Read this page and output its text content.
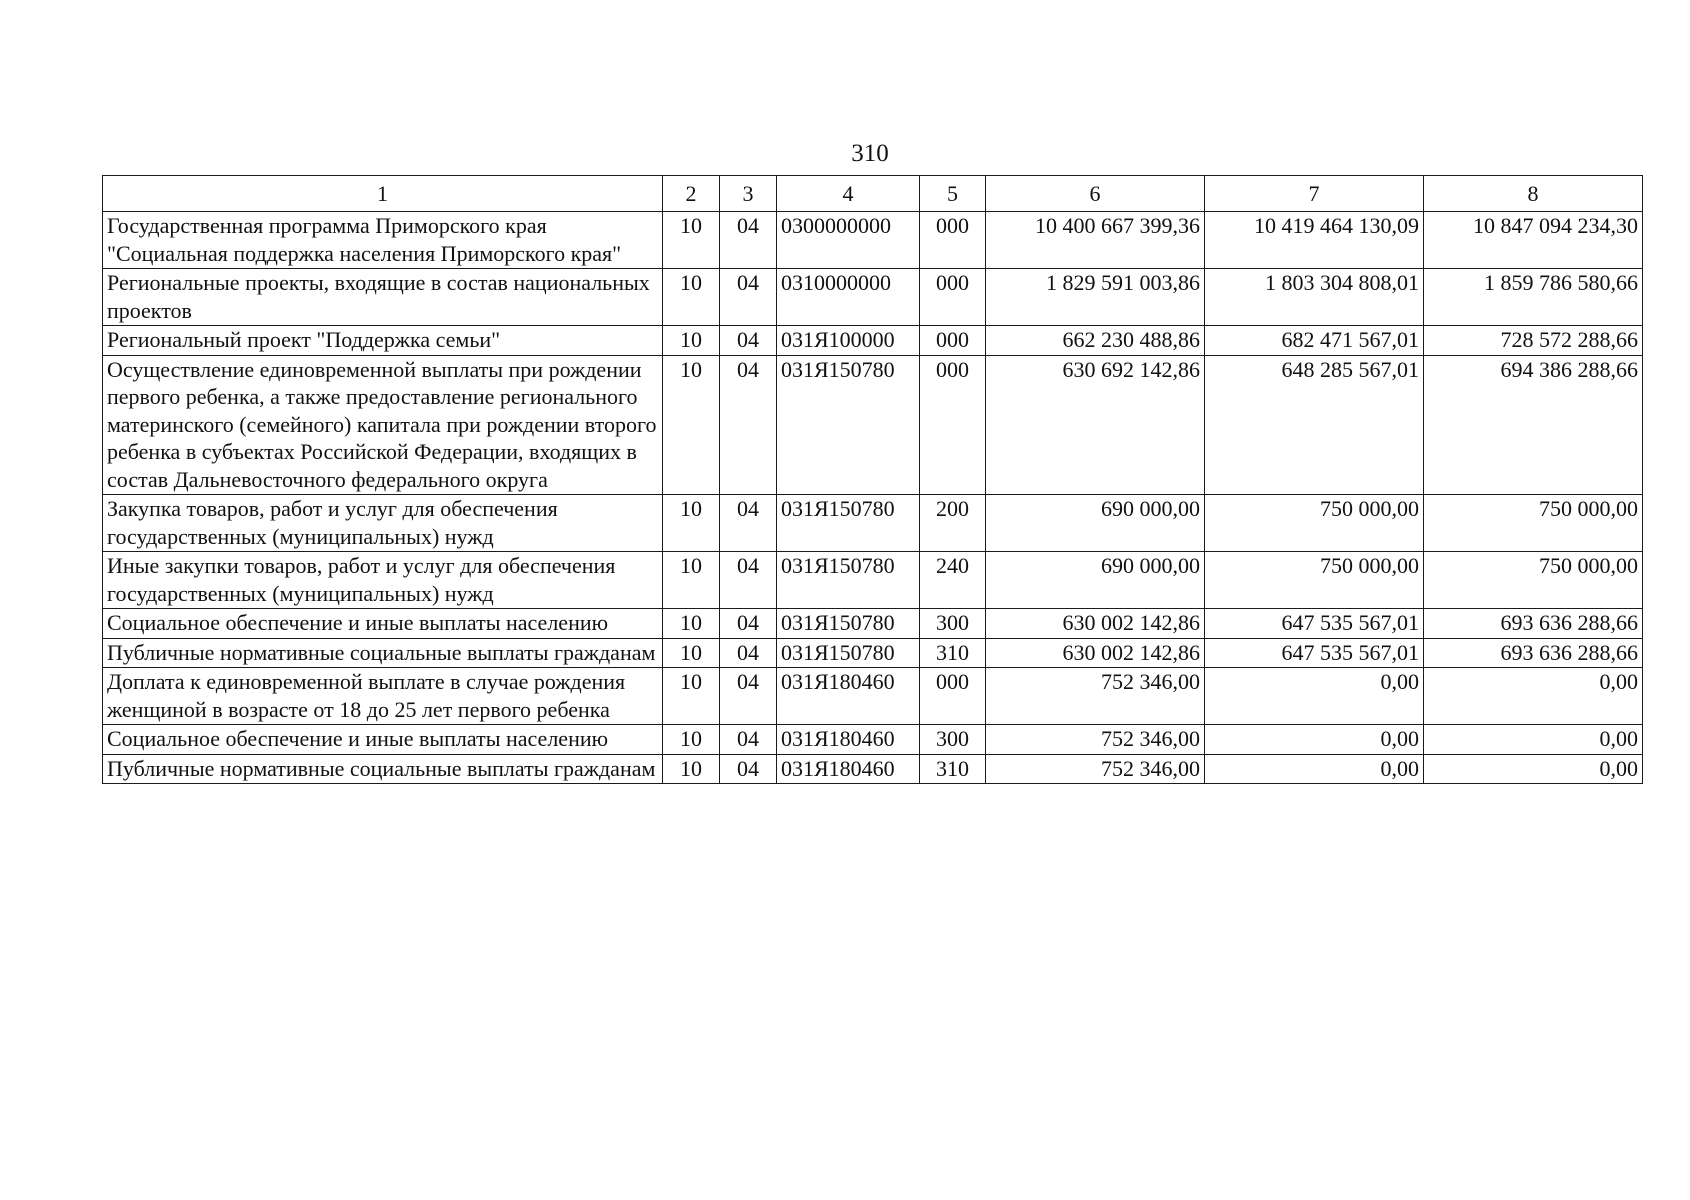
310
1	2	3	4	5	6	7	8
Государственная программа Приморского края "Социальная поддержка населения Приморского края"	10	04	0300000000	000	10 400 667 399,36	10 419 464 130,09	10 847 094 234,30
Региональные проекты, входящие в состав национальных проектов	10	04	0310000000	000	1 829 591 003,86	1 803 304 808,01	1 859 786 580,66
Региональный проект "Поддержка семьи"	10	04	031Я100000	000	662 230 488,86	682 471 567,01	728 572 288,66
Осуществление единовременной выплаты при рождении первого ребенка, а также предоставление регионального материнского (семейного) капитала при рождении второго ребенка в субъектах Российской Федерации, входящих в состав Дальневосточного федерального округа	10	04	031Я150780	000	630 692 142,86	648 285 567,01	694 386 288,66
Закупка товаров, работ и услуг для обеспечения государственных (муниципальных) нужд	10	04	031Я150780	200	690 000,00	750 000,00	750 000,00
Иные закупки товаров, работ и услуг для обеспечения государственных (муниципальных) нужд	10	04	031Я150780	240	690 000,00	750 000,00	750 000,00
Социальное обеспечение и иные выплаты населению	10	04	031Я150780	300	630 002 142,86	647 535 567,01	693 636 288,66
Публичные нормативные социальные выплаты гражданам	10	04	031Я150780	310	630 002 142,86	647 535 567,01	693 636 288,66
Доплата к единовременной выплате в случае рождения женщиной в возрасте от 18 до 25 лет первого ребенка	10	04	031Я180460	000	752 346,00	0,00	0,00
Социальное обеспечение и иные выплаты населению	10	04	031Я180460	300	752 346,00	0,00	0,00
Публичные нормативные социальные выплаты гражданам	10	04	031Я180460	310	752 346,00	0,00	0,00
